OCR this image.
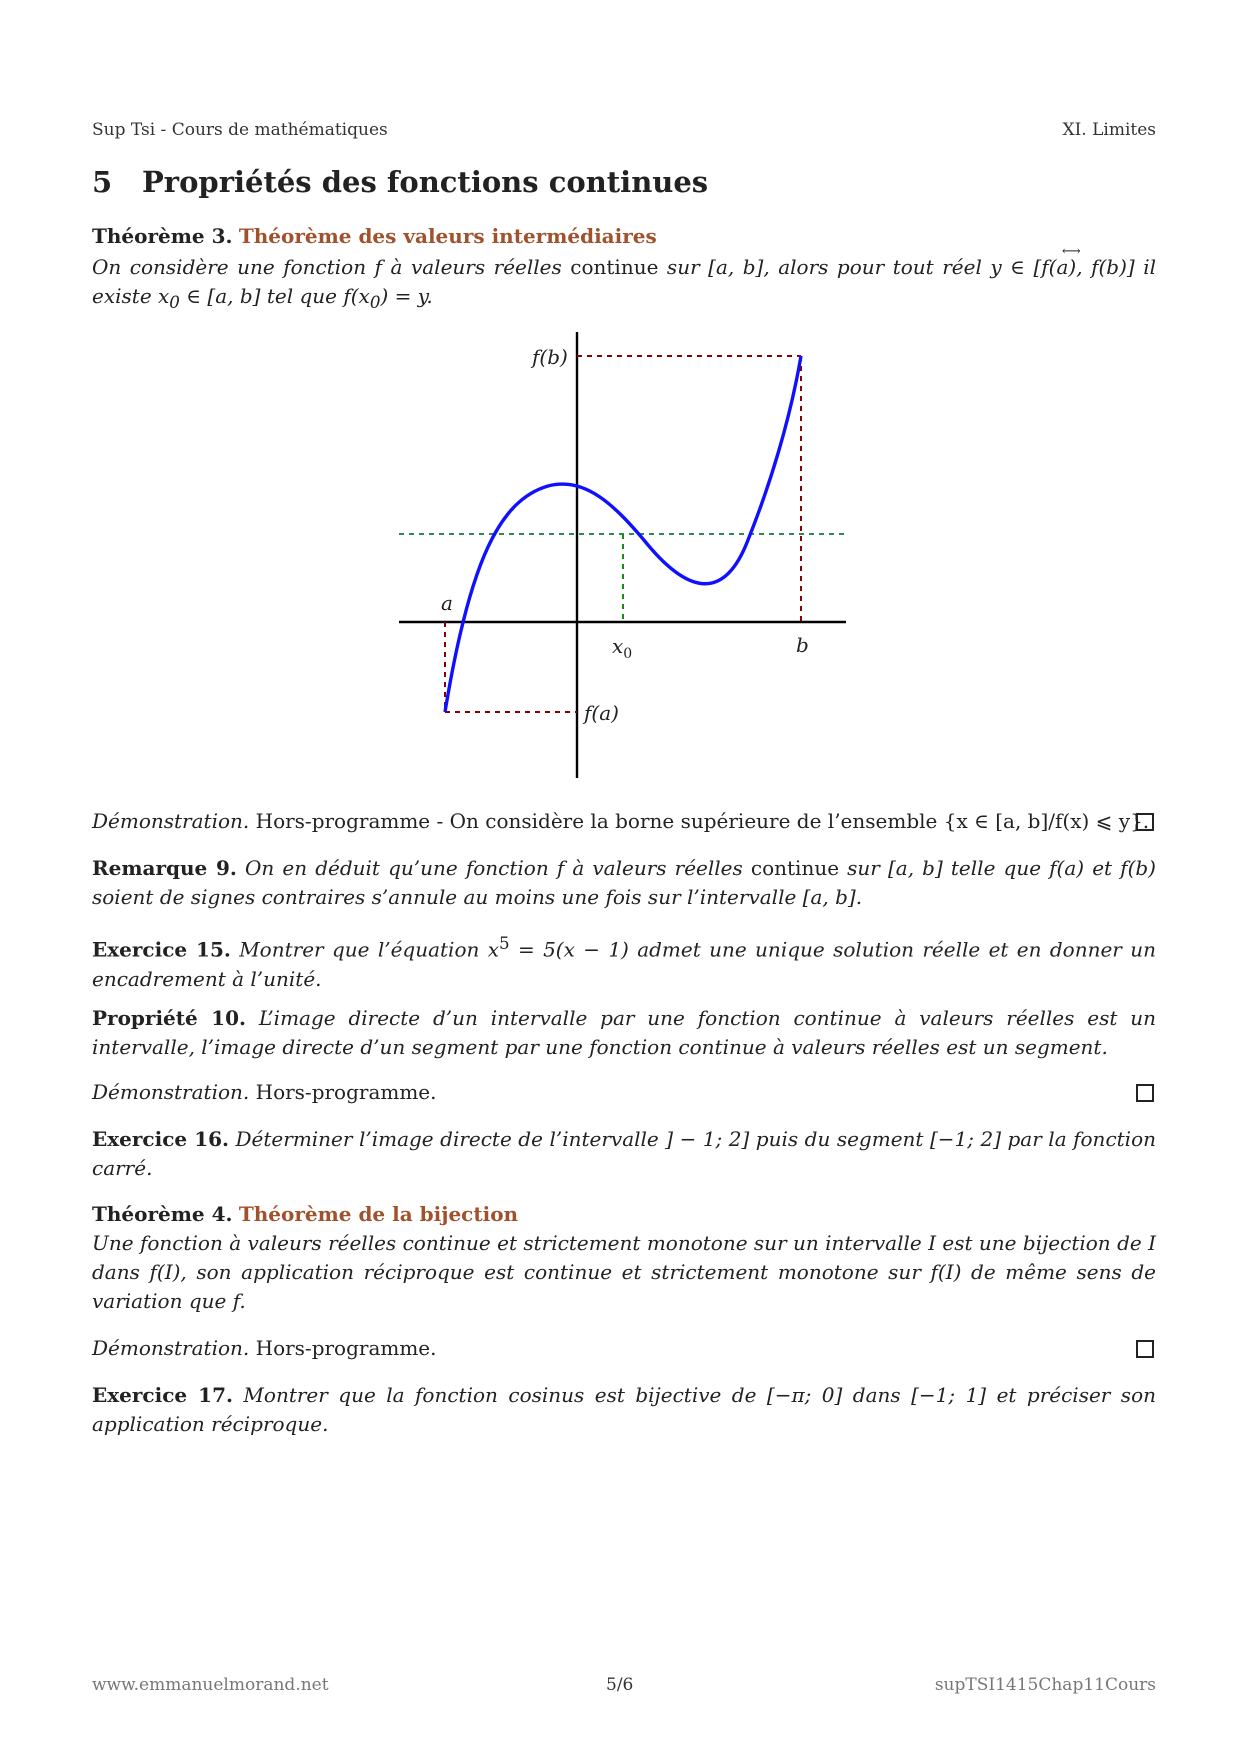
Sup Tsi - Cours de mathématiques	XI. Limites
5 Propriétés des fonctions continues
Théorème 3. Théorème des valeurs intermédiaires
On considère une fonction f à valeurs réelles continue sur [a, b], alors pour tout réel y ∈ [f(a), f(b)] il existe $x_0$ ∈ [a, b] tel que $f(x_0) = y$.
⟷
f(b)
f(a)
a
b
$x_0$
Démonstration. Hors-programme - On considère la borne supérieure de l’ensemble {x ∈ [a, b]/f(x) ⩽ y}.
Remarque 9. On en déduit qu’une fonction f à valeurs réelles continue sur [a, b] telle que f(a) et f(b) soient de signes contraires s’annule au moins une fois sur l’intervalle [a, b].
Exercice 15. Montrer que l’équation $x^5 = 5(x - 1)$ admet une unique solution réelle et en donner un encadrement à l’unité.
Propriété 10. L’image directe d’un intervalle par une fonction continue à valeurs réelles est un intervalle, l’image directe d’un segment par une fonction continue à valeurs réelles est un segment.
Démonstration. Hors-programme.
Exercice 16. Déterminer l’image directe de l’intervalle ] − 1; 2] puis du segment [−1; 2] par la fonction carré.
Théorème 4. Théorème de la bijection
Une fonction à valeurs réelles continue et strictement monotone sur un intervalle I est une bijection de I dans f(I), son application réciproque est continue et strictement monotone sur f(I) de même sens de variation que f.
Démonstration. Hors-programme.
Exercice 17. Montrer que la fonction cosinus est bijective de [−π; 0] dans [−1; 1] et préciser son application réciproque.
www.emmanuelmorand.net	5/6	supTSI1415Chap11Cours
